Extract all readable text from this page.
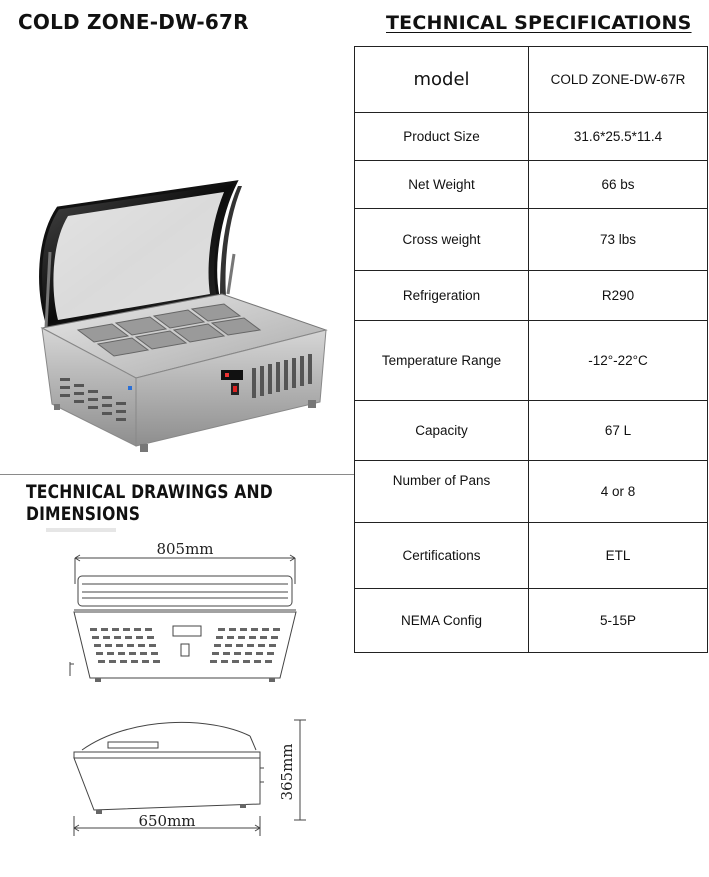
COLD ZONE-DW-67R	TECHNICAL SPECIFICATIONS
TECHNICAL DRAWINGS AND DIMENSIONS
805mm
650mm
365mm
model	COLD ZONE-DW-67R
Product Size	31.6*25.5*11.4
Net Weight	66 bs
Cross weight	73 lbs
Refrigeration	R290
Temperature Range	-12°-22°C
Capacity	67 L
Number of Pans	4 or 8
Certifications	ETL
NEMA Config	5-15P
